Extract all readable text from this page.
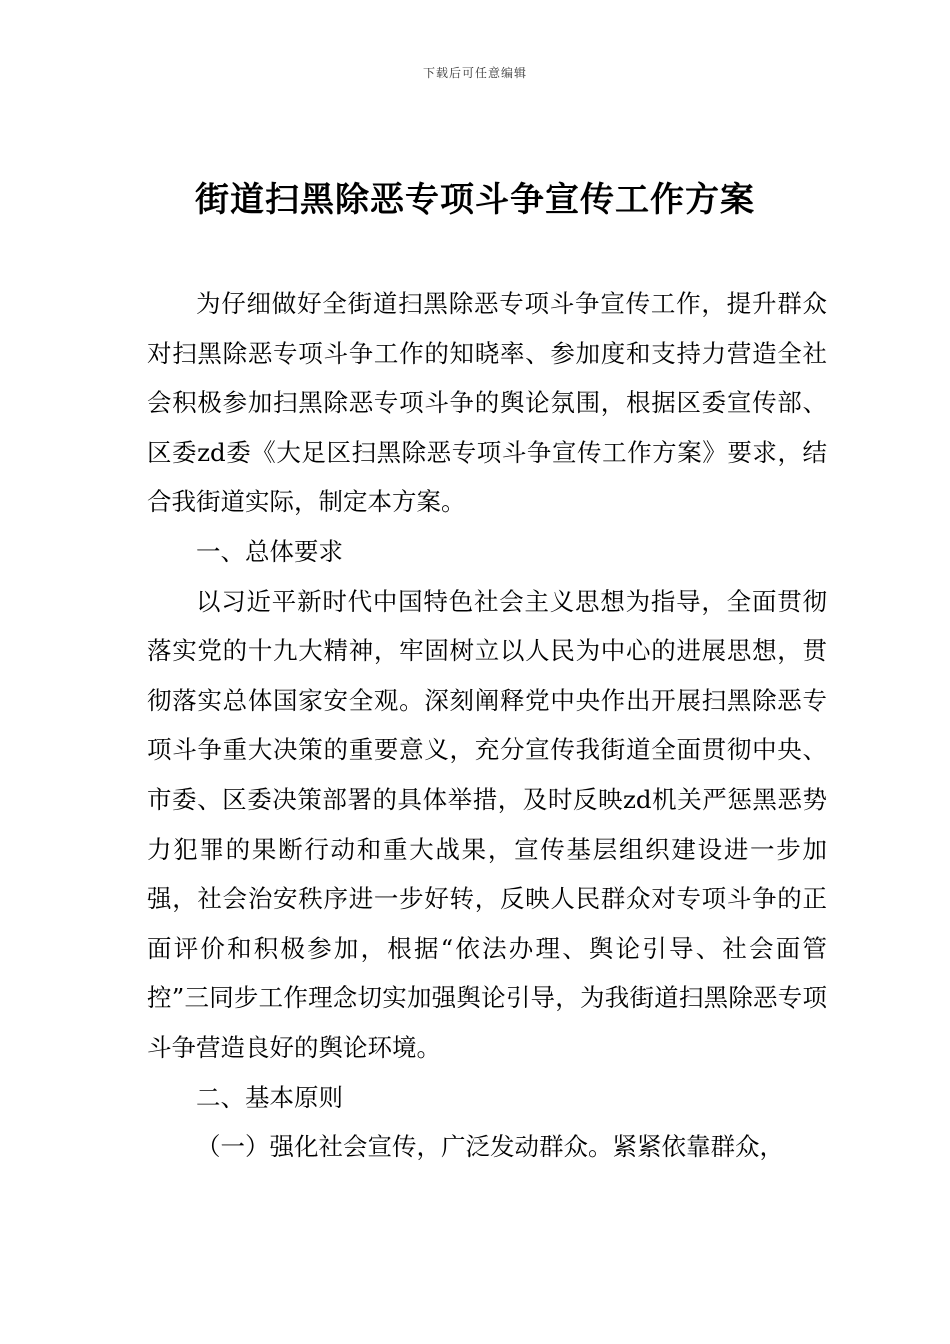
下载后可任意编辑
街道扫黑除恶专项斗争宣传工作方案

为仔细做好全街道扫黑除恶专项斗争宣传工作，提升群众对扫黑除恶专项斗争工作的知晓率、参加度和支持力营造全社会积极参加扫黑除恶专项斗争的舆论氛围，根据区委宣传部、区委zd委《大足区扫黑除恶专项斗争宣传工作方案》要求，结合我街道实际，制定本方案。

一、总体要求

以习近平新时代中国特色社会主义思想为指导，全面贯彻落实党的十九大精神，牢固树立以人民为中心的进展思想，贯彻落实总体国家安全观。深刻阐释党中央作出开展扫黑除恶专项斗争重大决策的重要意义，充分宣传我街道全面贯彻中央、市委、区委决策部署的具体举措，及时反映zd机关严惩黑恶势力犯罪的果断行动和重大战果，宣传基层组织建设进一步加强，社会治安秩序进一步好转，反映人民群众对专项斗争的正面评价和积极参加，根据“依法办理、舆论引导、社会面管控”三同步工作理念切实加强舆论引导，为我街道扫黑除恶专项斗争营造良好的舆论环境。

二、基本原则

（一）强化社会宣传，广泛发动群众。紧紧依靠群众，
